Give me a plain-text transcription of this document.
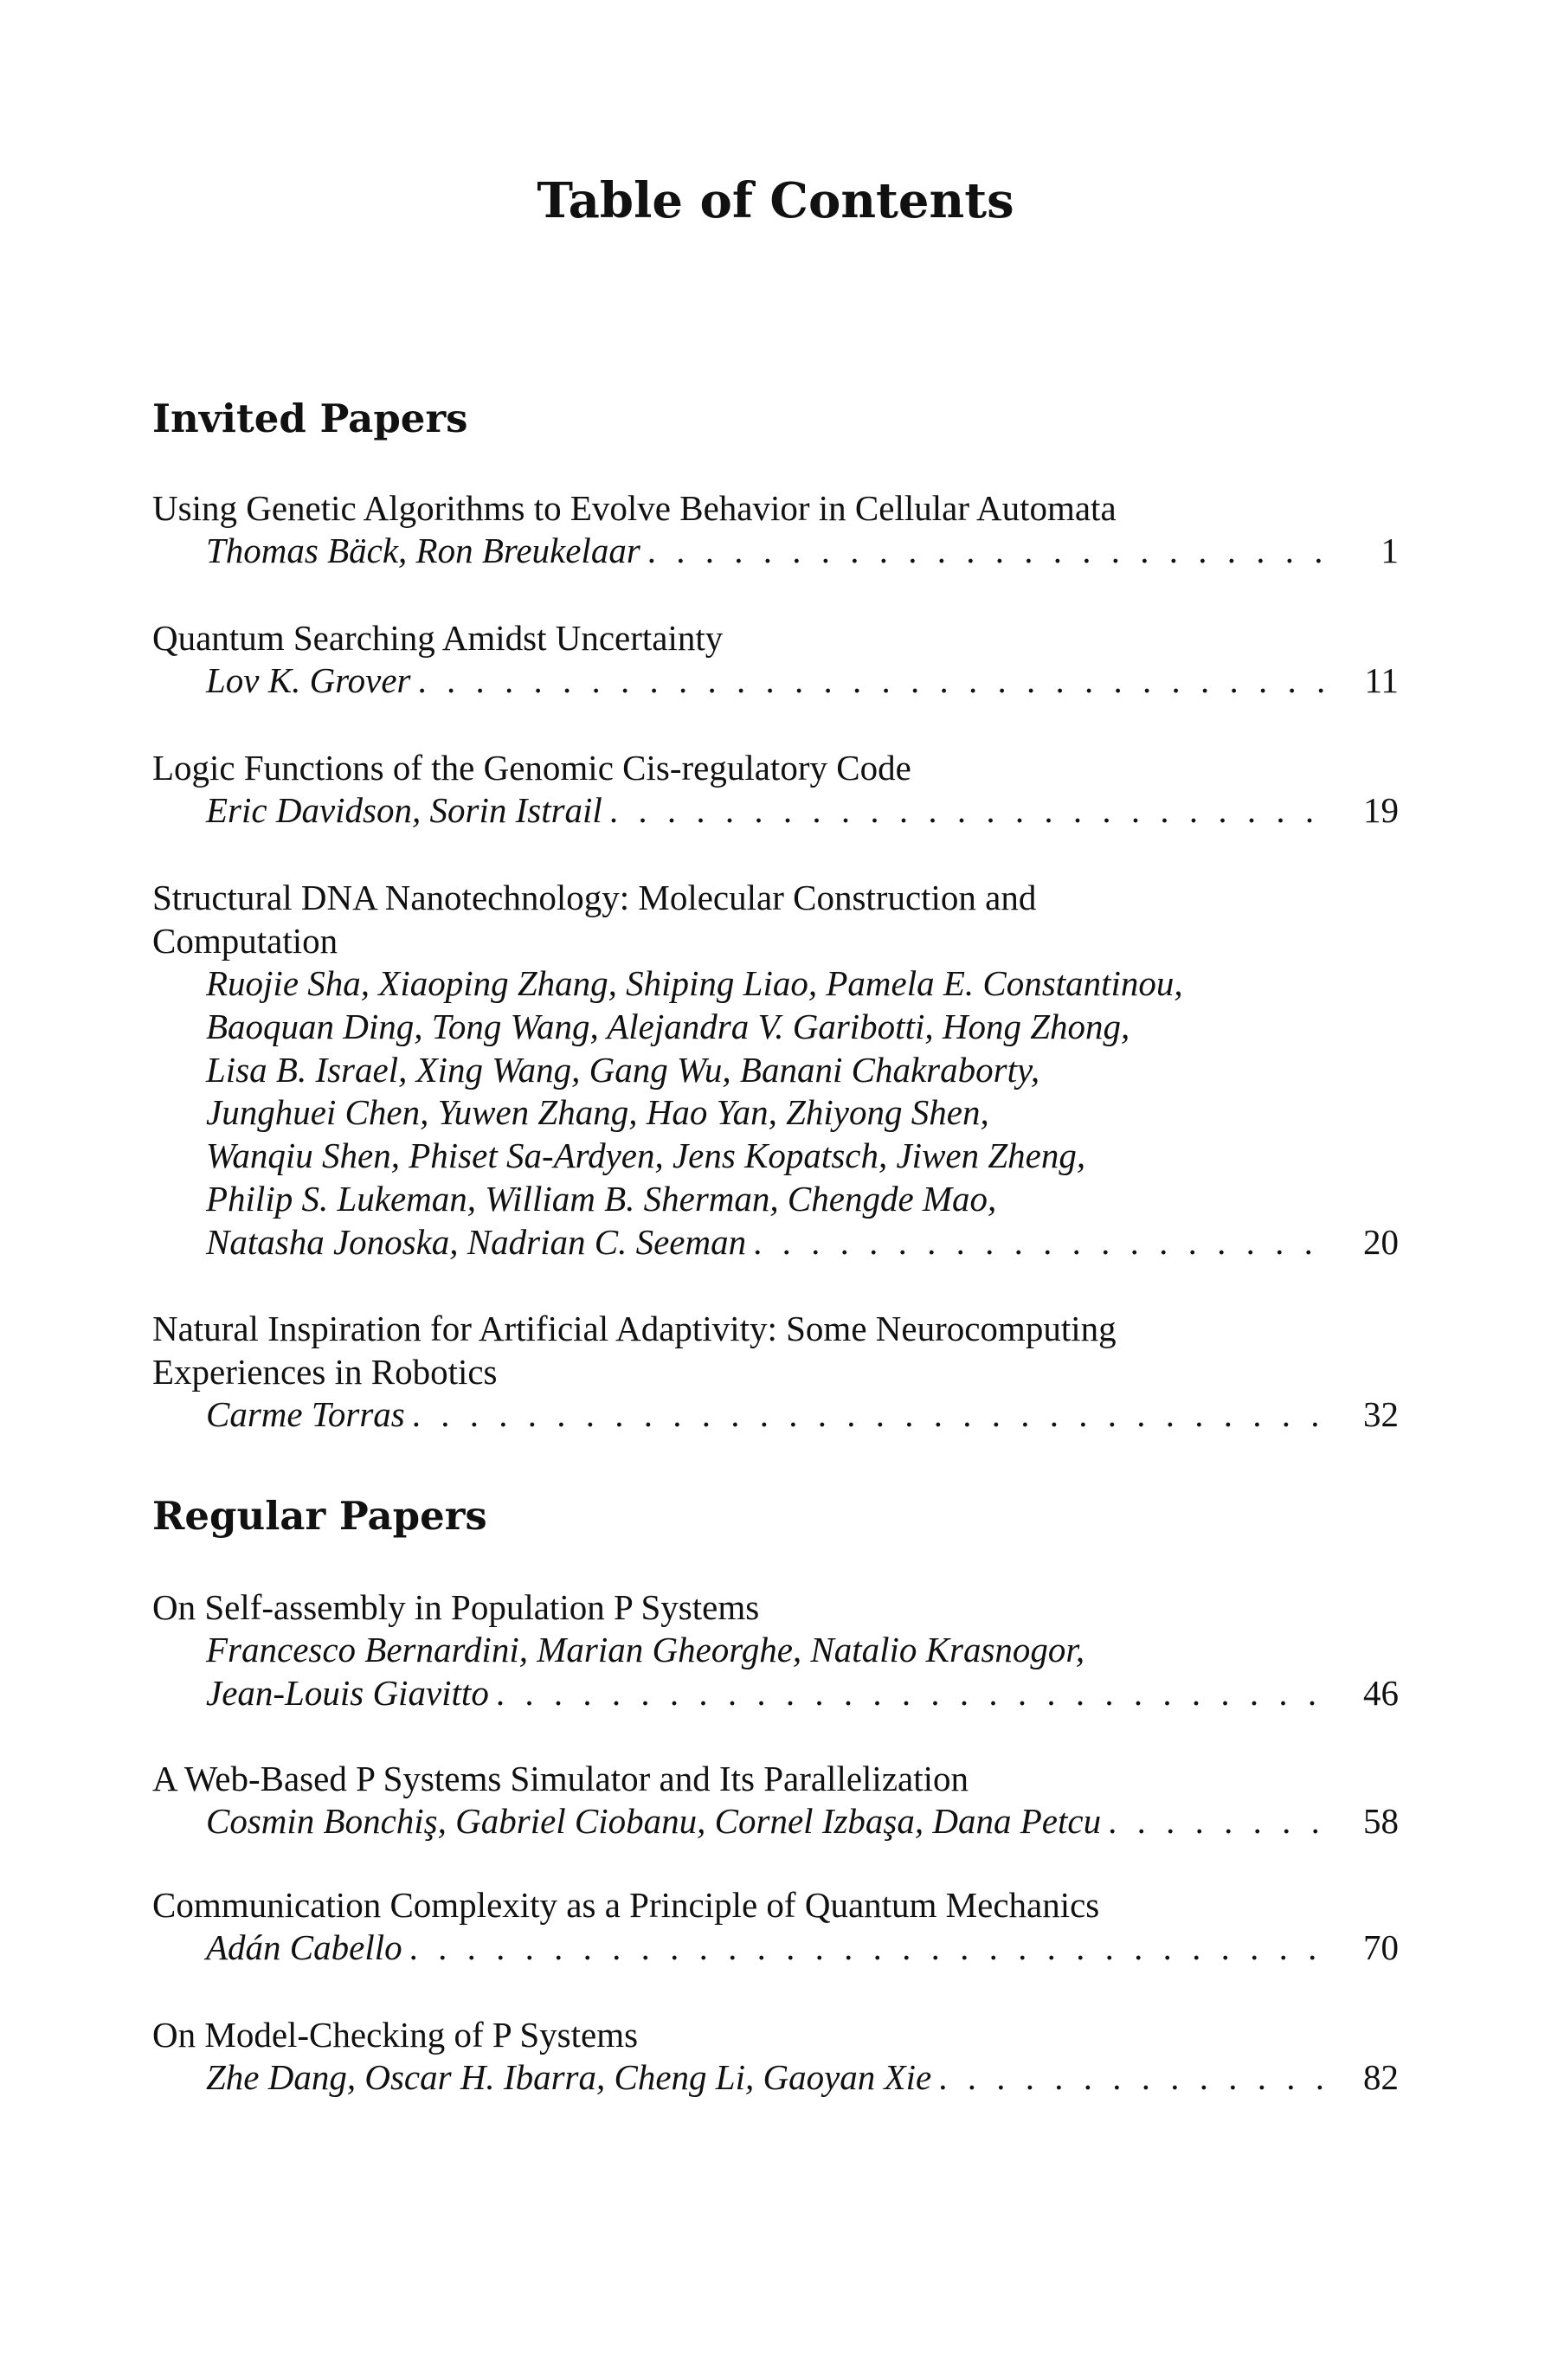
Table of Contents
Invited Papers
Using Genetic Algorithms to Evolve Behavior in Cellular Automata
Thomas Bäck, Ron Breukelaar . . .	1
Quantum Searching Amidst Uncertainty
Lov K. Grover . . .	11
Logic Functions of the Genomic Cis-regulatory Code
Eric Davidson, Sorin Istrail . . .	19
Structural DNA Nanotechnology: Molecular Construction and
Computation
Ruojie Sha, Xiaoping Zhang, Shiping Liao, Pamela E. Constantinou,
Baoquan Ding, Tong Wang, Alejandra V. Garibotti, Hong Zhong,
Lisa B. Israel, Xing Wang, Gang Wu, Banani Chakraborty,
Junghuei Chen, Yuwen Zhang, Hao Yan, Zhiyong Shen,
Wanqiu Shen, Phiset Sa-Ardyen, Jens Kopatsch, Jiwen Zheng,
Philip S. Lukeman, William B. Sherman, Chengde Mao,
Natasha Jonoska, Nadrian C. Seeman . . .	20
Natural Inspiration for Artificial Adaptivity: Some Neurocomputing
Experiences in Robotics
Carme Torras . . .	32
Regular Papers
On Self-assembly in Population P Systems
Francesco Bernardini, Marian Gheorghe, Natalio Krasnogor,
Jean-Louis Giavitto . . .	46
A Web-Based P Systems Simulator and Its Parallelization
Cosmin Bonchiş, Gabriel Ciobanu, Cornel Izbaşa, Dana Petcu . . .	58
Communication Complexity as a Principle of Quantum Mechanics
Adán Cabello . . .	70
On Model-Checking of P Systems
Zhe Dang, Oscar H. Ibarra, Cheng Li, Gaoyan Xie . . .	82
